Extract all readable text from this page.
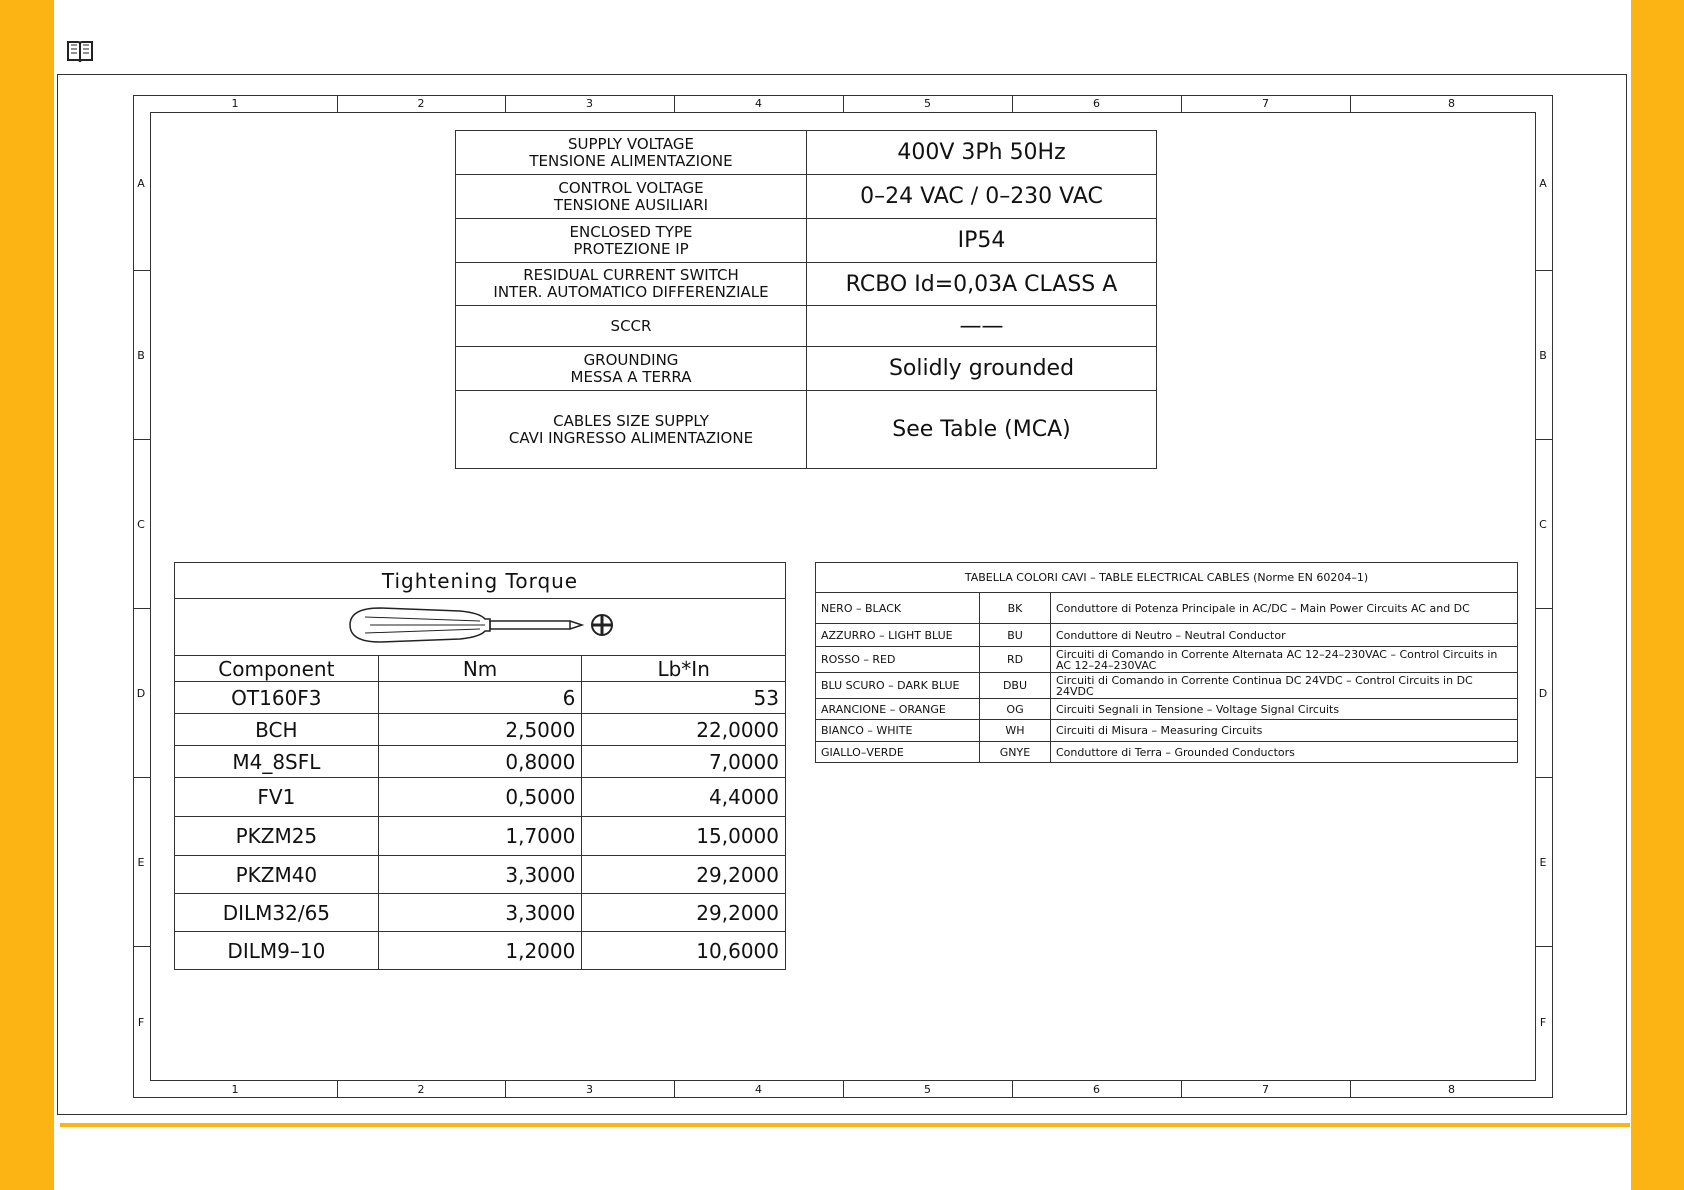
1
1
2
2
3
3
4
4
5
5
6
6
7
7
8
8
A	A
B	B
C	C
D	D
E	E
F	F
SUPPLY VOLTAGE
TENSIONE ALIMENTAZIONE	400V 3Ph 50Hz

CONTROL VOLTAGE
TENSIONE AUSILIARI	0–24 VAC / 0–230 VAC

ENCLOSED TYPE
PROTEZIONE IP	IP54

RESIDUAL CURRENT SWITCH
INTER. AUTOMATICO DIFFERENZIALE	RCBO Id=0,03A CLASS A

SCCR	——

GROUNDING
MESSA A TERRA	Solidly grounded

CABLES SIZE SUPPLY
CAVI INGRESSO ALIMENTAZIONE	See Table (MCA)
Tightening Torque		

Component	Nm	Lb*In
OT160F3	6	53
BCH	2,5000	22,0000
M4_8SFL	0,8000	7,0000
FV1	0,5000	4,4000
PKZM25	1,7000	15,0000
PKZM40	3,3000	29,2000
DILM32/65	3,3000	29,2000
DILM9–10	1,2000	10,6000
TABELLA COLORI CAVI – TABLE ELECTRICAL CABLES (Norme EN 60204–1)		
NERO – BLACK	BK	Conduttore di Potenza Principale in AC/DC – Main Power Circuits AC and DC
AZZURRO – LIGHT BLUE	BU	Conduttore di Neutro – Neutral Conductor
ROSSO – RED	RD	Circuiti di Comando in Corrente Alternata AC 12–24–230VAC – Control Circuits in AC 12–24–230VAC
BLU SCURO – DARK BLUE	DBU	Circuiti di Comando in Corrente Continua DC 24VDC – Control Circuits in DC 24VDC
ARANCIONE – ORANGE	OG	Circuiti Segnali in Tensione – Voltage Signal Circuits
BIANCO – WHITE	WH	Circuiti di Misura – Measuring Circuits
GIALLO–VERDE	GNYE	Conduttore di Terra – Grounded Conductors
